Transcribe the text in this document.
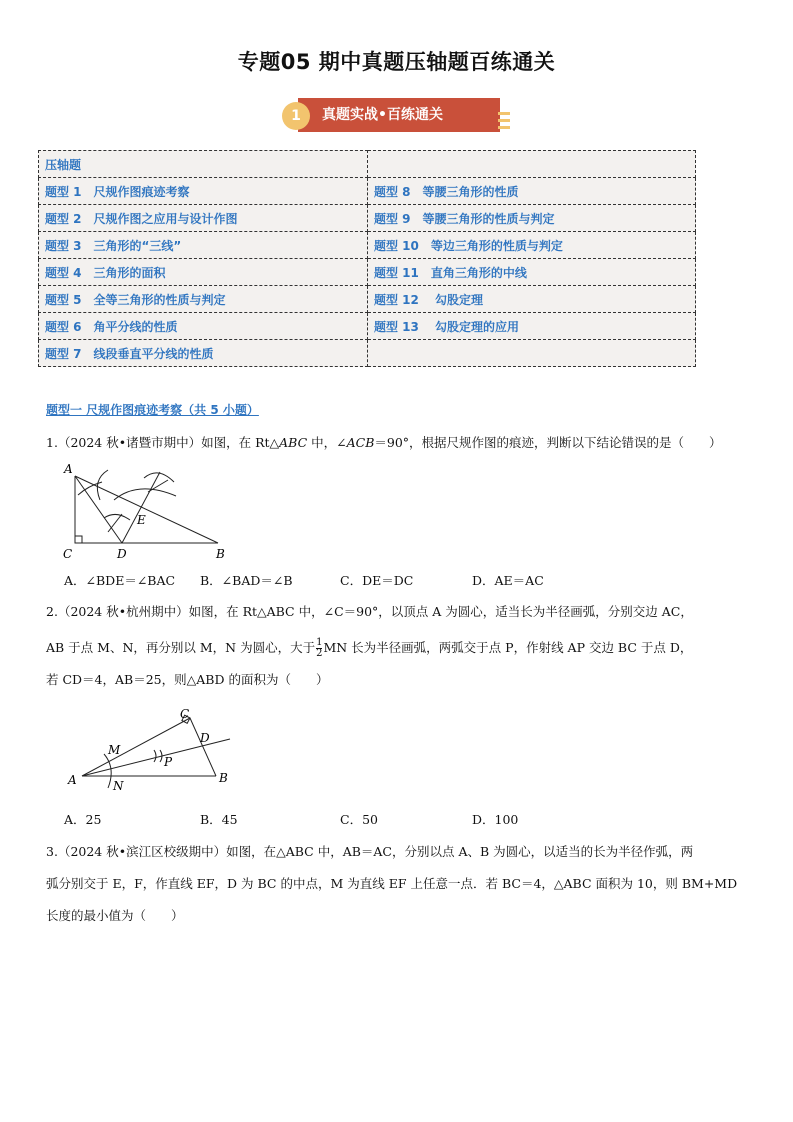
专题05 期中真题压轴题百练通关
1	真题实战•百练通关
压轴题	
题型 1　尺规作图痕迹考察	题型 8　等腰三角形的性质
题型 2　尺规作图之应用与设计作图	题型 9　等腰三角形的性质与判定
题型 3　三角形的“三线”	题型 10　等边三角形的性质与判定
题型 4　三角形的面积	题型 11　直角三角形的中线
题型 5　全等三角形的性质与判定	题型 12　 勾股定理
题型 6　角平分线的性质	题型 13　 勾股定理的应用
题型 7　线段垂直平分线的性质	
题型一 尺规作图痕迹考察（共 5 小题）
1.（2024 秋•诸暨市期中）如图，在 Rt△ABC 中，∠ACB＝90°，根据尺规作图的痕迹，判断以下结论错误的是（　　）
A
B
C	D
E
A．∠BDE＝∠BAC B．∠BAD＝∠B	C．DE＝DC	D．AE＝AC
2.（2024 秋•杭州期中）如图，在 Rt△ABC 中，∠C＝90°，以顶点 A 为圆心，适当长为半径画弧，分别交边 AC，
AB 于点 M、N，再分别以 M，N 为圆心，大于 $\frac{1}{2}$ MN 长为半径画弧，两弧交于点 P，作射线 AP 交边 BC 于点 D，
若 CD＝4，AB＝25，则△ABD 的面积为（　　）
A	B
C
D
M
N
P
A．25	B．45	C．50	D．100
3.（2024 秋•滨江区校级期中）如图，在△ABC 中，AB＝AC，分别以点 A、B 为圆心，以适当的长为半径作弧，两
弧分别交于 E，F，作直线 EF，D 为 BC 的中点，M 为直线 EF 上任意一点．若 BC＝4，△ABC 面积为 10，则 BM+MD
长度的最小值为（　　）
